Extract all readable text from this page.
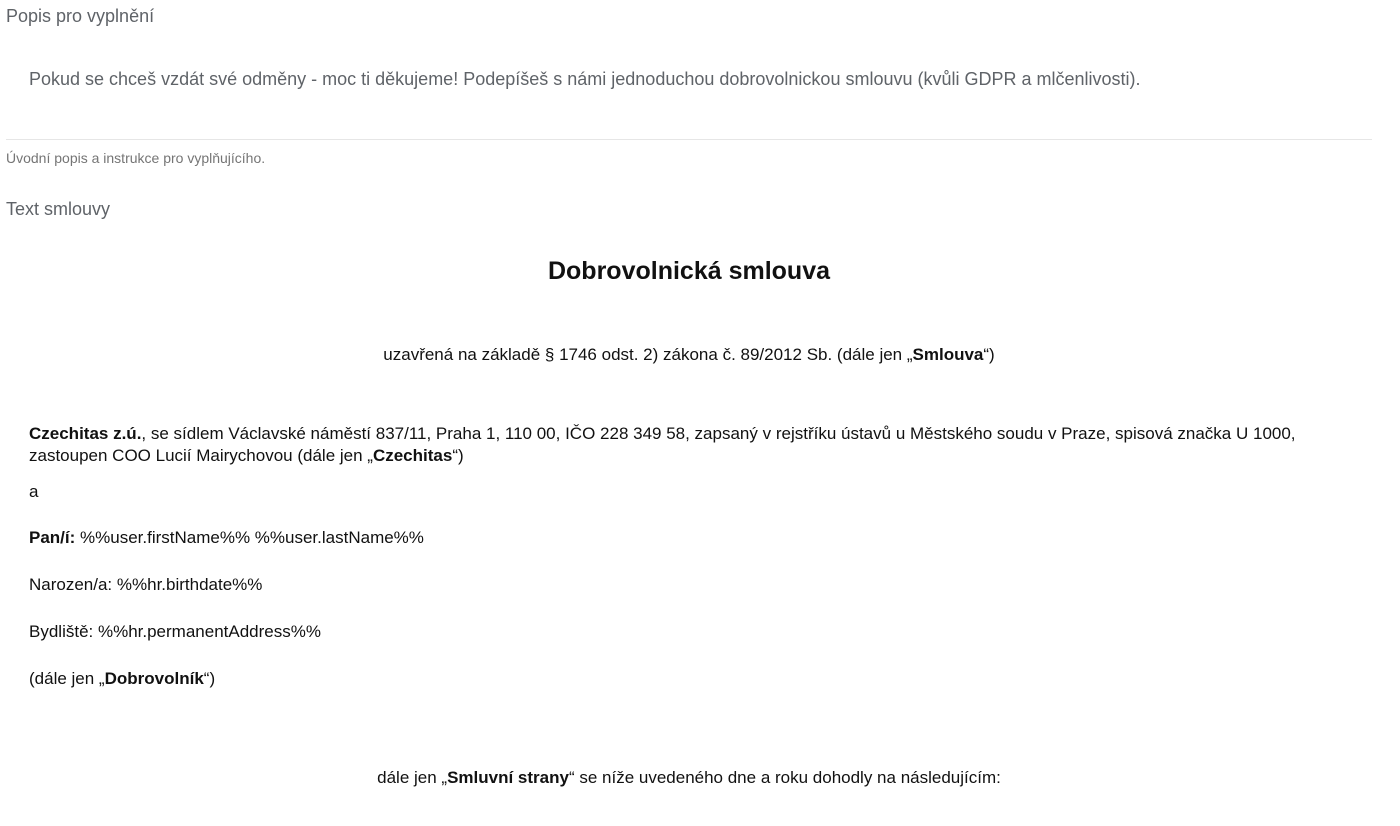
Popis pro vyplnění
Pokud se chceš vzdát své odměny - moc ti děkujeme! Podepíšeš s námi jednoduchou dobrovolnickou smlouvu (kvůli GDPR a mlčenlivosti).
Úvodní popis a instrukce pro vyplňujícího.
Text smlouvy
Dobrovolnická smlouva
uzavřená na základě § 1746 odst. 2) zákona č. 89/2012 Sb. (dále jen „Smlouva“)
Czechitas z.ú., se sídlem Václavské náměstí 837/11, Praha 1, 110 00, IČO 228 349 58, zapsaný v rejstříku ústavů u Městského soudu v Praze, spisová značka U 1000, zastoupen COO Lucií Mairychovou (dále jen „Czechitas“)
a
Pan/í: %%user.firstName%% %%user.lastName%%
Narozen/a: %%hr.birthdate%%
Bydliště: %%hr.permanentAddress%%
(dále jen „Dobrovolník“)
dále jen „Smluvní strany“ se níže uvedeného dne a roku dohodly na následujícím:
